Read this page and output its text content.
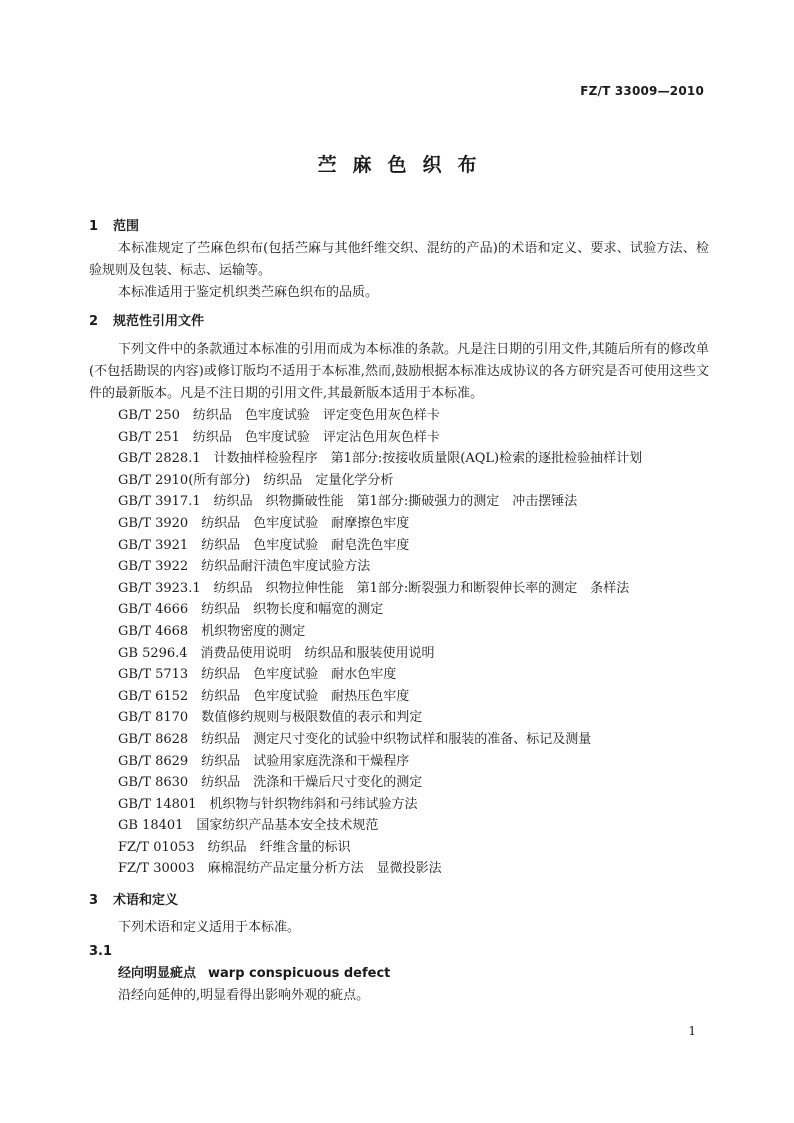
FZ/T 33009—2010
苎麻色织布
1 范围

本标准规定了苎麻色织布(包括苎麻与其他纤维交织、混纺的产品)的术语和定义、要求、试验方法、检验规则及包装、标志、运输等。

本标准适用于鉴定机织类苎麻色织布的品质。

2 规范性引用文件

下列文件中的条款通过本标准的引用而成为本标准的条款。凡是注日期的引用文件,其随后所有的修改单(不包括勘误的内容)或修订版均不适用于本标准,然而,鼓励根据本标准达成协议的各方研究是否可使用这些文件的最新版本。凡是不注日期的引用文件,其最新版本适用于本标准。

GB/T 250　纺织品　色牢度试验　评定变色用灰色样卡
GB/T 251　纺织品　色牢度试验　评定沾色用灰色样卡
GB/T 2828.1　计数抽样检验程序　第1部分:按接收质量限(AQL)检索的逐批检验抽样计划
GB/T 2910(所有部分)　纺织品　定量化学分析
GB/T 3917.1　纺织品　织物撕破性能　第1部分:撕破强力的测定　冲击摆锤法
GB/T 3920　纺织品　色牢度试验　耐摩擦色牢度
GB/T 3921　纺织品　色牢度试验　耐皂洗色牢度
GB/T 3922　纺织品耐汗渍色牢度试验方法
GB/T 3923.1　纺织品　织物拉伸性能　第1部分:断裂强力和断裂伸长率的测定　条样法
GB/T 4666　纺织品　织物长度和幅宽的测定
GB/T 4668　机织物密度的测定
GB 5296.4　消费品使用说明　纺织品和服装使用说明
GB/T 5713　纺织品　色牢度试验　耐水色牢度
GB/T 6152　纺织品　色牢度试验　耐热压色牢度
GB/T 8170　数值修约规则与极限数值的表示和判定
GB/T 8628　纺织品　测定尺寸变化的试验中织物试样和服装的准备、标记及测量
GB/T 8629　纺织品　试验用家庭洗涤和干燥程序
GB/T 8630　纺织品　洗涤和干燥后尺寸变化的测定
GB/T 14801　机织物与针织物纬斜和弓纬试验方法
GB 18401　国家纺织产品基本安全技术规范
FZ/T 01053　纺织品　纤维含量的标识
FZ/T 30003　麻棉混纺产品定量分析方法　显微投影法
3 术语和定义

下列术语和定义适用于本标准。

3.1
经向明显疵点 warp conspicuous defect

沿经向延伸的,明显看得出影响外观的疵点。

1
